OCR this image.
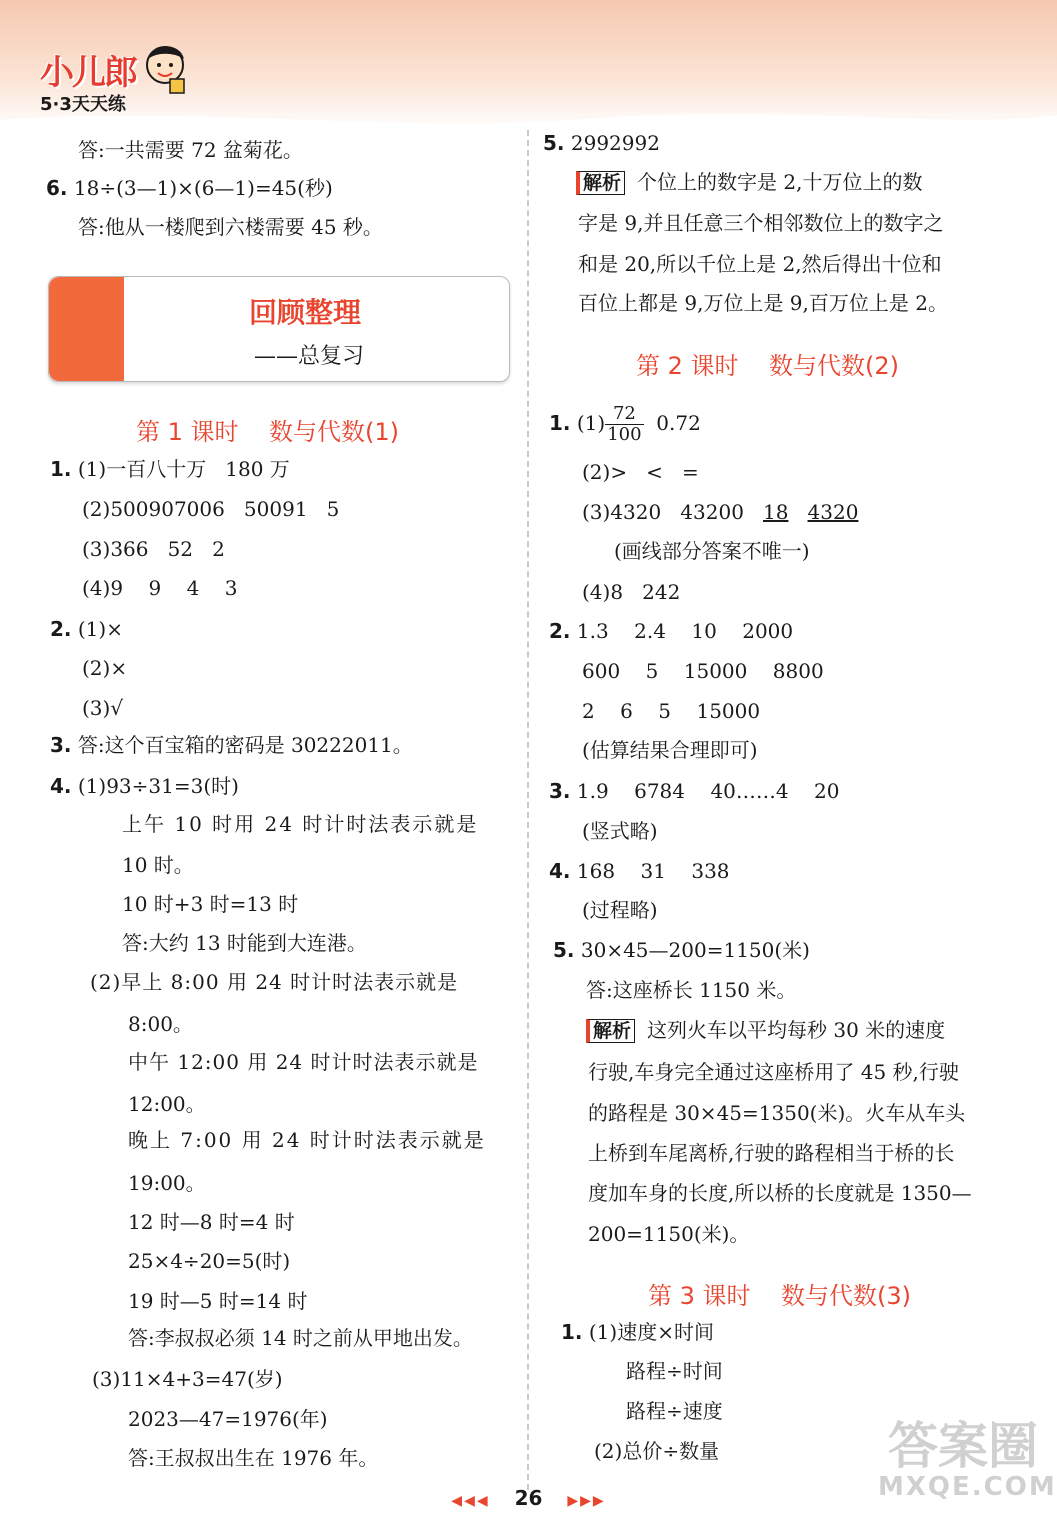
小儿郎
5·3天天练
答:一共需要 72 盆菊花。
6. 18÷(3—1)×(6—1)=45(秒)
答:他从一楼爬到六楼需要 45 秒。
回顾整理
——总复习
第 1 课时    数与代数(1)
1. (1)一百八十万   180 万
(2)500907006   50091   5
(3)366   52   2
(4)9    9    4    3
2. (1)×
(2)×
(3)√
3. 答:这个百宝箱的密码是 30222011。
4. (1)93÷31=3(时)
上午 10 时用 24 时计时法表示就是
10 时。
10 时+3 时=13 时
答:大约 13 时能到大连港。
(2)早上 8:00 用 24 时计时法表示就是
8:00。
中午 12:00 用 24 时计时法表示就是
12:00。
晚上 7:00 用 24 时计时法表示就是
19:00。
12 时—8 时=4 时
25×4÷20=5(时)
19 时—5 时=14 时
答:李叔叔必须 14 时之前从甲地出发。
(3)11×4+3=47(岁)
2023—47=1976(年)
答:王叔叔出生在 1976 年。
5. 2992992
解析 个位上的数字是 2,十万位上的数
字是 9,并且任意三个相邻数位上的数字之
和是 20,所以千位上是 2,然后得出十位和
百位上都是 9,万位上是 9,百万位上是 2。
第 2 课时    数与代数(2)
1. $(1) \frac{72}{100} 0.72$
(2)>   <   =
(3)4320   43200   18 4320
(画线部分答案不唯一)
(4)8   242
2. 1.3    2.4    10    2000
600    5    15000    8800
2    6    5    15000
(估算结果合理即可)
3. 1.9    6784    40……4    20
(竖式略)
4. 168    31    338
(过程略)
5. 30×45—200=1150(米)
答:这座桥长 1150 米。
解析 这列火车以平均每秒 30 米的速度
行驶,车身完全通过这座桥用了 45 秒,行驶
的路程是 30×45=1350(米)。火车从车头
上桥到车尾离桥,行驶的路程相当于桥的长
度加车身的长度,所以桥的长度就是 1350—
200=1150(米)。
第 3 课时    数与代数(3)
1. (1)速度×时间
路程÷时间
路程÷速度
(2)总价÷数量
◀◀◀ 26 ▶▶▶
答案圈
MXQE.COM
